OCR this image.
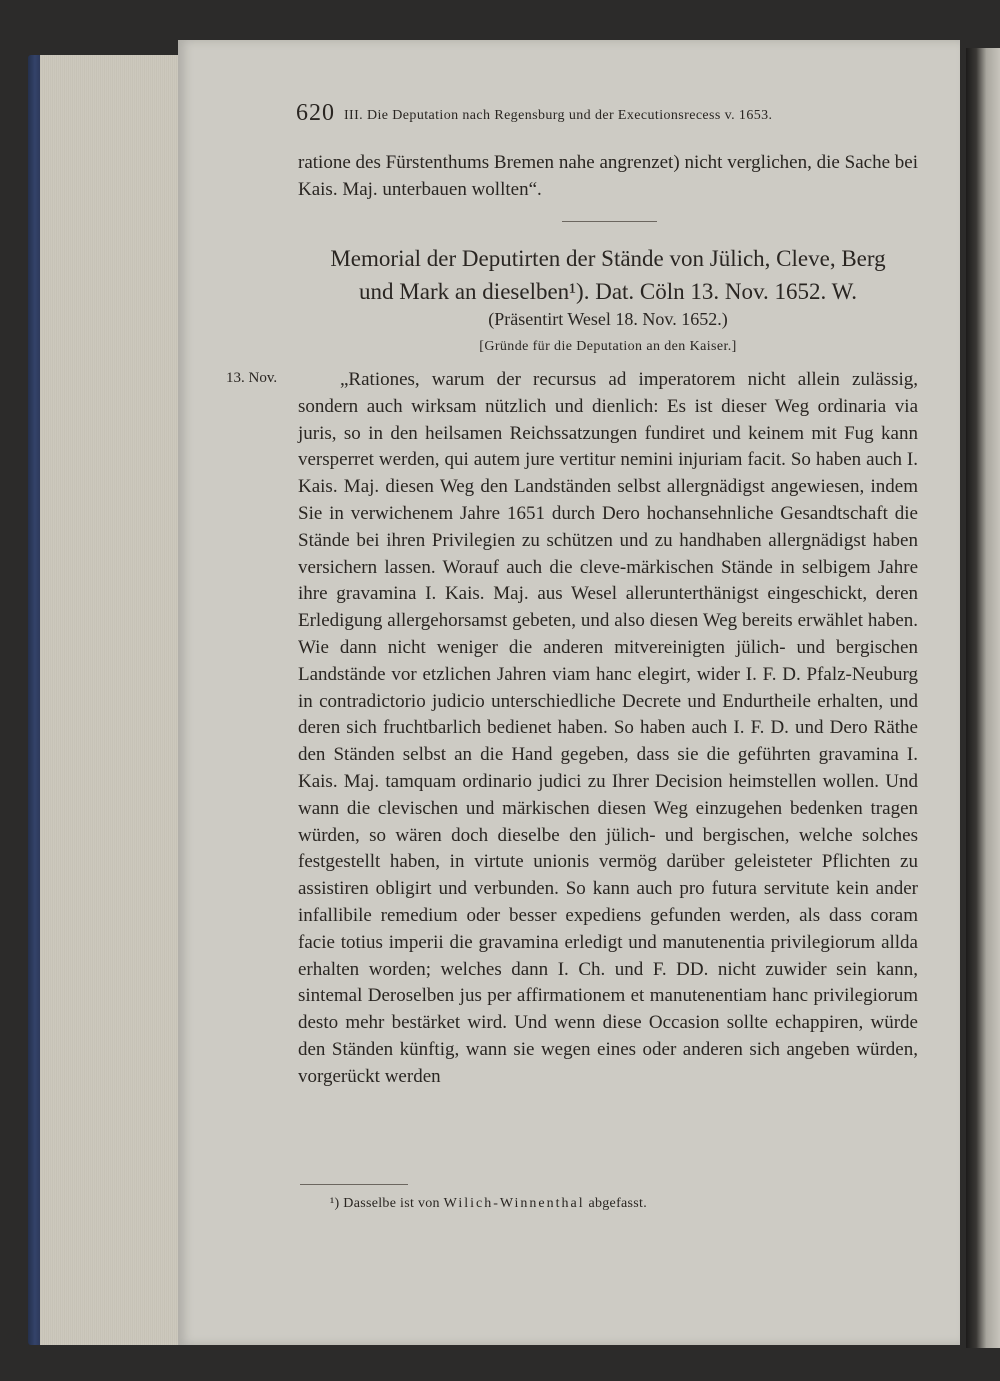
620 III. Die Deputation nach Regensburg und der Executionsrecess v. 1653.

ratione des Fürstenthums Bremen nahe angrenzet) nicht verglichen, die Sache bei Kais. Maj. unterbauen wollten“.

Memorial der Deputirten der Stände von Jülich, Cleve, Berg
und Mark an dieselben¹). Dat. Cöln 13. Nov. 1652. W.
(Präsentirt Wesel 18. Nov. 1652.)
[Gründe für die Deputation an den Kaiser.]
13. Nov.	„Rationes, warum der recursus ad imperatorem nicht allein zulässig, sondern auch wirksam nützlich und dienlich: Es ist dieser Weg ordinaria via juris, so in den heilsamen Reichssatzungen fundiret und keinem mit Fug kann versperret werden, qui autem jure vertitur nemini injuriam facit. So haben auch I. Kais. Maj. diesen Weg den Landständen selbst allergnädigst angewiesen, indem Sie in verwichenem Jahre 1651 durch Dero hochansehnliche Gesandtschaft die Stände bei ihren Privilegien zu schützen und zu handhaben allergnädigst haben versichern lassen. Worauf auch die cleve-märkischen Stände in selbigem Jahre ihre gravamina I. Kais. Maj. aus Wesel allerunterthänigst eingeschickt, deren Erledigung allergehorsamst gebeten, und also diesen Weg bereits erwählet haben. Wie dann nicht weniger die anderen mitvereinigten jülich- und bergischen Landstände vor etzlichen Jahren viam hanc elegirt, wider I. F. D. Pfalz-Neuburg in contradictorio judicio unterschiedliche Decrete und Endurtheile erhalten, und deren sich fruchtbarlich bedienet haben. So haben auch I. F. D. und Dero Räthe den Ständen selbst an die Hand gegeben, dass sie die geführten gravamina I. Kais. Maj. tamquam ordinario judici zu Ihrer Decision heimstellen wollen. Und wann die clevischen und märkischen diesen Weg einzugehen bedenken tragen würden, so wären doch dieselbe den jülich- und bergischen, welche solches festgestellt haben, in virtute unionis vermög darüber geleisteter Pflichten zu assistiren obligirt und verbunden. So kann auch pro futura servitute kein ander infallibile remedium oder besser expediens gefunden werden, als dass coram facie totius imperii die gravamina erledigt und manutenentia privilegiorum allda erhalten worden; welches dann I. Ch. und F. DD. nicht zuwider sein kann, sintemal Deroselben jus per affirmationem et manutenentiam hanc privilegiorum desto mehr bestärket wird. Und wenn diese Occasion sollte echappiren, würde den Ständen künftig, wann sie wegen eines oder anderen sich angeben würden, vorgerückt werden

¹) Dasselbe ist von Wilich-Winnenthal abgefasst.
